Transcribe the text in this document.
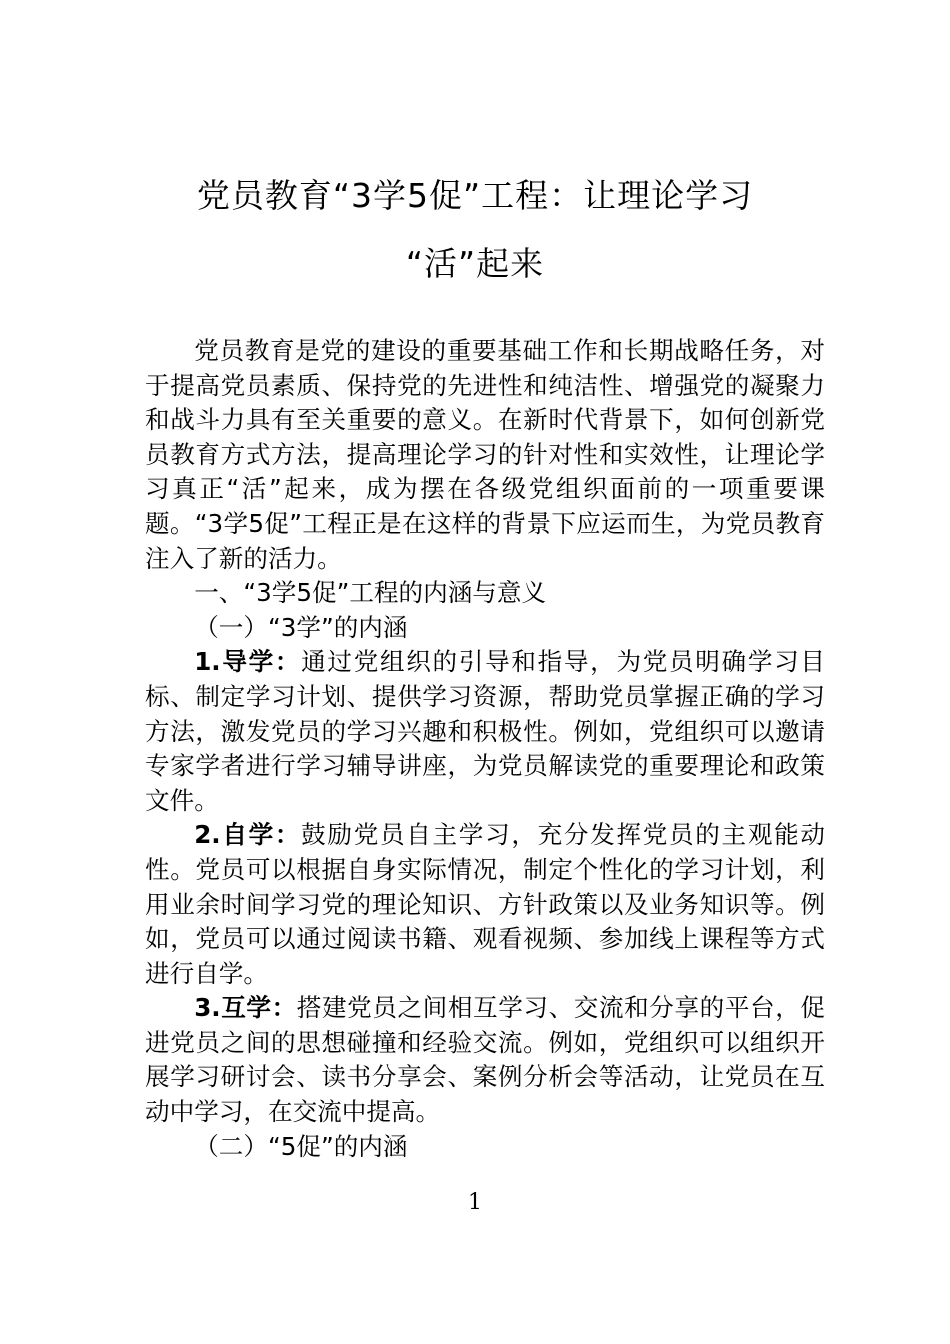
党员教育“3学5促”工程：让理论学习
“活”起来

党员教育是党的建设的重要基础工作和长期战略任务，对于提高党员素质、保持党的先进性和纯洁性、增强党的凝聚力和战斗力具有至关重要的意义。在新时代背景下，如何创新党员教育方式方法，提高理论学习的针对性和实效性，让理论学习真正“活”起来，成为摆在各级党组织面前的一项重要课题。“3学5促”工程正是在这样的背景下应运而生，为党员教育注入了新的活力。

一、“3学5促”工程的内涵与意义

（一）“3学”的内涵

1.导学：通过党组织的引导和指导，为党员明确学习目标、制定学习计划、提供学习资源，帮助党员掌握正确的学习方法，激发党员的学习兴趣和积极性。例如，党组织可以邀请专家学者进行学习辅导讲座，为党员解读党的重要理论和政策文件。

2.自学：鼓励党员自主学习，充分发挥党员的主观能动性。党员可以根据自身实际情况，制定个性化的学习计划，利用业余时间学习党的理论知识、方针政策以及业务知识等。例如，党员可以通过阅读书籍、观看视频、参加线上课程等方式进行自学。

3.互学：搭建党员之间相互学习、交流和分享的平台，促进党员之间的思想碰撞和经验交流。例如，党组织可以组织开展学习研讨会、读书分享会、案例分析会等活动，让党员在互动中学习，在交流中提高。

（二）“5促”的内涵

1
